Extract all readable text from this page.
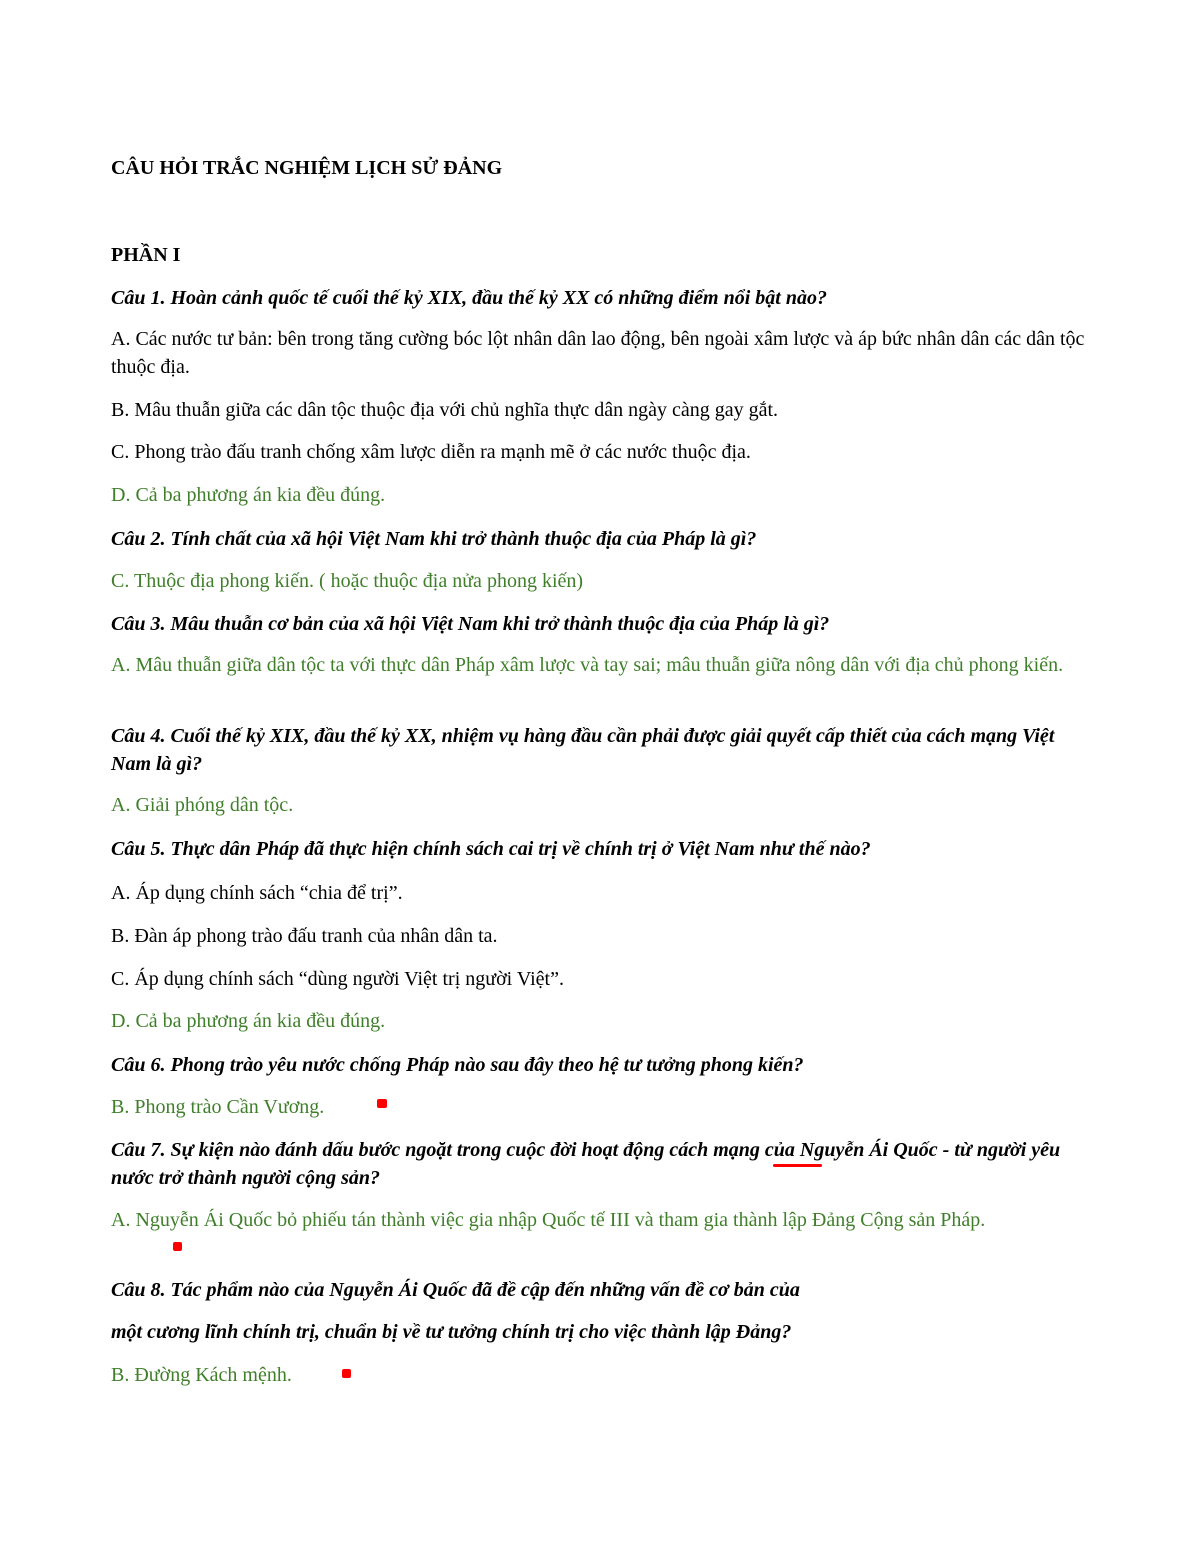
CÂU HỎI TRẮC NGHIỆM LỊCH SỬ ĐẢNG
PHẦN I
Câu 1. Hoàn cảnh quốc tế cuối thế kỷ XIX, đầu thế kỷ XX có những điểm nổi bật nào?
A. Các nước tư bản: bên trong tăng cường bóc lột nhân dân lao động, bên ngoài xâm lược và áp bức nhân dân các dân tộc thuộc địa.
B. Mâu thuẫn giữa các dân tộc thuộc địa với chủ nghĩa thực dân ngày càng gay gắt.
C. Phong trào đấu tranh chống xâm lược diễn ra mạnh mẽ ở các nước thuộc địa.
D. Cả ba phương án kia đều đúng.
Câu 2. Tính chất của xã hội Việt Nam khi trở thành thuộc địa của Pháp là gì?
C. Thuộc địa phong kiến. ( hoặc thuộc địa nửa phong kiến)
Câu 3. Mâu thuẫn cơ bản của xã hội Việt Nam khi trở thành thuộc địa của Pháp là gì?
A. Mâu thuẫn giữa dân tộc ta với thực dân Pháp xâm lược và tay sai; mâu thuẫn giữa nông dân với địa chủ phong kiến.
Câu 4. Cuối thế kỷ XIX, đầu thế kỷ XX, nhiệm vụ hàng đầu cần phải được giải quyết cấp thiết của cách mạng Việt Nam là gì?
A. Giải phóng dân tộc.
Câu 5. Thực dân Pháp đã thực hiện chính sách cai trị về chính trị ở Việt Nam như thế nào?
A. Áp dụng chính sách “chia để trị”.
B. Đàn áp phong trào đấu tranh của nhân dân ta.
C. Áp dụng chính sách “dùng người Việt trị người Việt”.
D. Cả ba phương án kia đều đúng.
Câu 6. Phong trào yêu nước chống Pháp nào sau đây theo hệ tư tưởng phong kiến?
B. Phong trào Cần Vương.
Câu 7. Sự kiện nào đánh dấu bước ngoặt trong cuộc đời hoạt động cách mạng của Nguyễn Ái Quốc - từ người yêu nước trở thành người cộng sản?
A. Nguyễn Ái Quốc bỏ phiếu tán thành việc gia nhập Quốc tế III và tham gia thành lập Đảng Cộng sản Pháp.
Câu 8. Tác phẩm nào của Nguyễn Ái Quốc đã đề cập đến những vấn đề cơ bản của
một cương lĩnh chính trị, chuẩn bị về tư tưởng chính trị cho việc thành lập Đảng?
B. Đường Kách mệnh.
